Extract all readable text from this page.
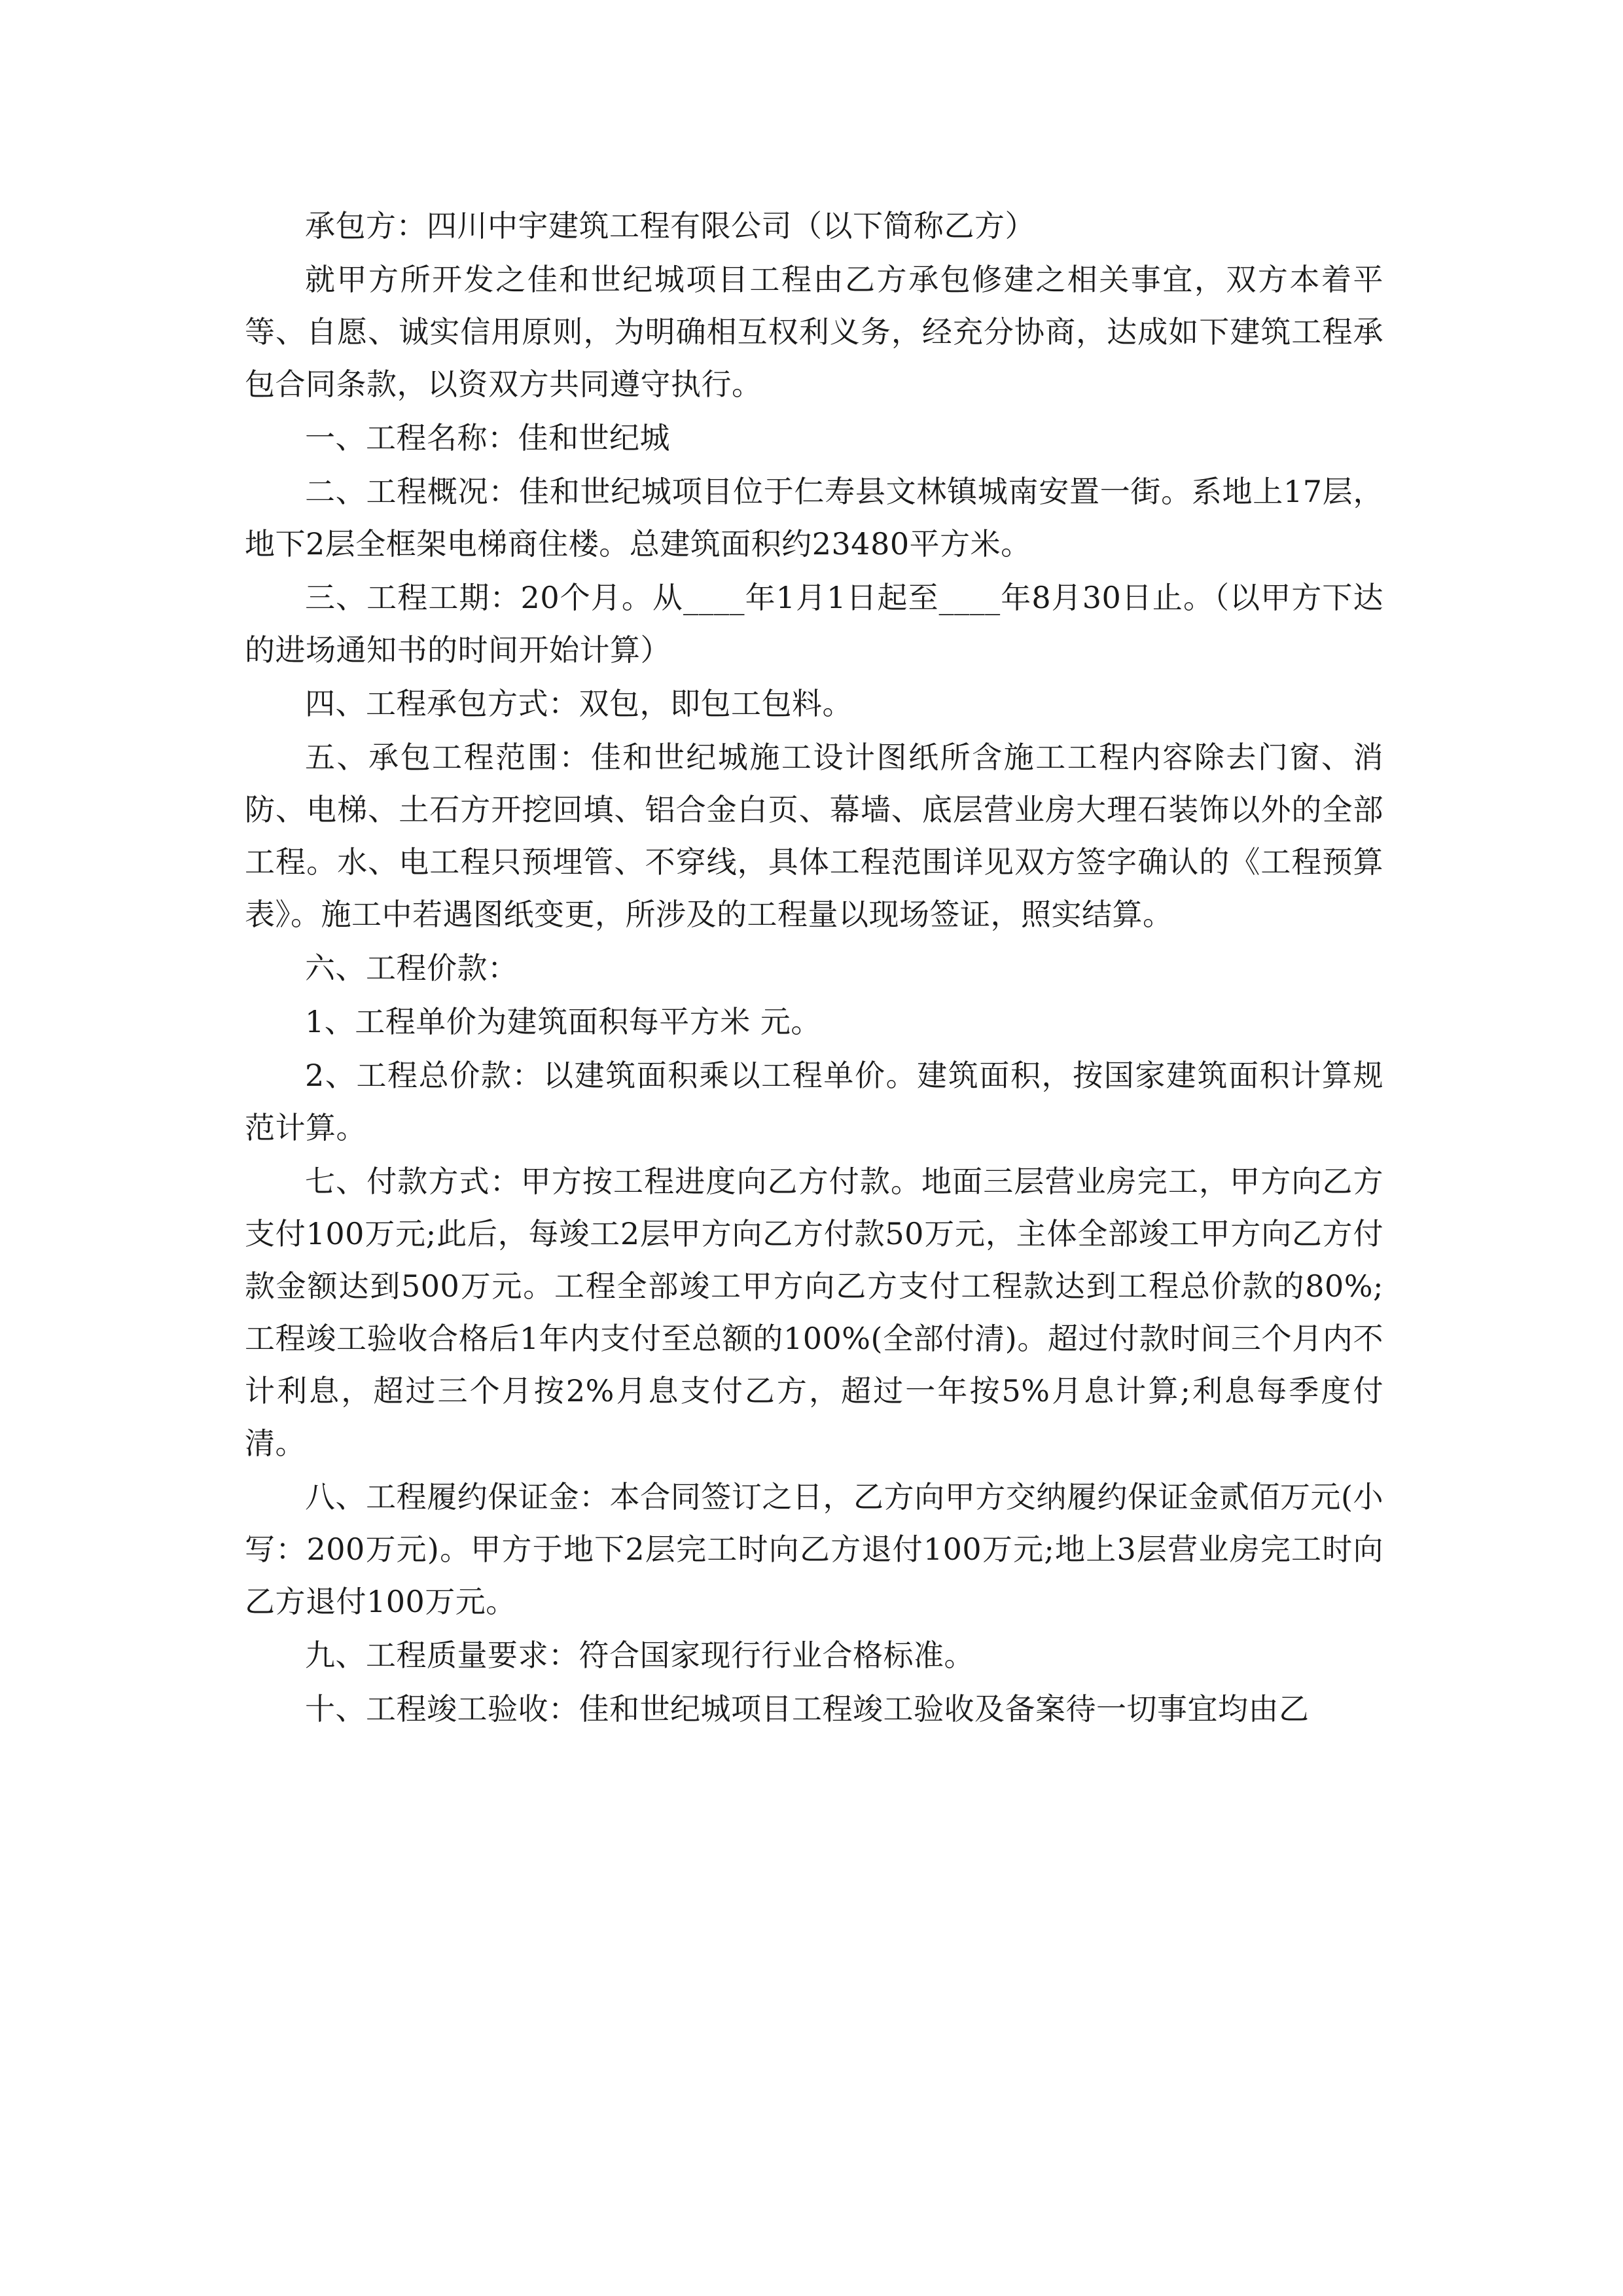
承包方：四川中宇建筑工程有限公司（以下简称乙方）

就甲方所开发之佳和世纪城项目工程由乙方承包修建之相关事宜，双方本着平等、自愿、诚实信用原则，为明确相互权利义务，经充分协商，达成如下建筑工程承包合同条款，以资双方共同遵守执行。

一、工程名称：佳和世纪城

二、工程概况：佳和世纪城项目位于仁寿县文林镇城南安置一街。系地上17层，地下2层全框架电梯商住楼。总建筑面积约23480平方米。

三、工程工期：20个月。从____年1月1日起至____年8月30日止。（以甲方下达的进场通知书的时间开始计算）

四、工程承包方式：双包，即包工包料。

五、承包工程范围：佳和世纪城施工设计图纸所含施工工程内容除去门窗、消防、电梯、土石方开挖回填、铝合金白页、幕墙、底层营业房大理石装饰以外的全部工程。水、电工程只预埋管、不穿线，具体工程范围详见双方签字确认的《工程预算表》。施工中若遇图纸变更，所涉及的工程量以现场签证，照实结算。

六、工程价款：

1、工程单价为建筑面积每平方米 元。

2、工程总价款：以建筑面积乘以工程单价。建筑面积，按国家建筑面积计算规范计算。

七、付款方式：甲方按工程进度向乙方付款。地面三层营业房完工，甲方向乙方支付100万元;此后，每竣工2层甲方向乙方付款50万元，主体全部竣工甲方向乙方付款金额达到500万元。工程全部竣工甲方向乙方支付工程款达到工程总价款的80%;工程竣工验收合格后1年内支付至总额的100%(全部付清)。超过付款时间三个月内不计利息，超过三个月按2%月息支付乙方，超过一年按5%月息计算;利息每季度付清。

八、工程履约保证金：本合同签订之日，乙方向甲方交纳履约保证金贰佰万元(小写：200万元)。甲方于地下2层完工时向乙方退付100万元;地上3层营业房完工时向乙方退付100万元。

九、工程质量要求：符合国家现行行业合格标准。

十、工程竣工验收：佳和世纪城项目工程竣工验收及备案待一切事宜均由乙
